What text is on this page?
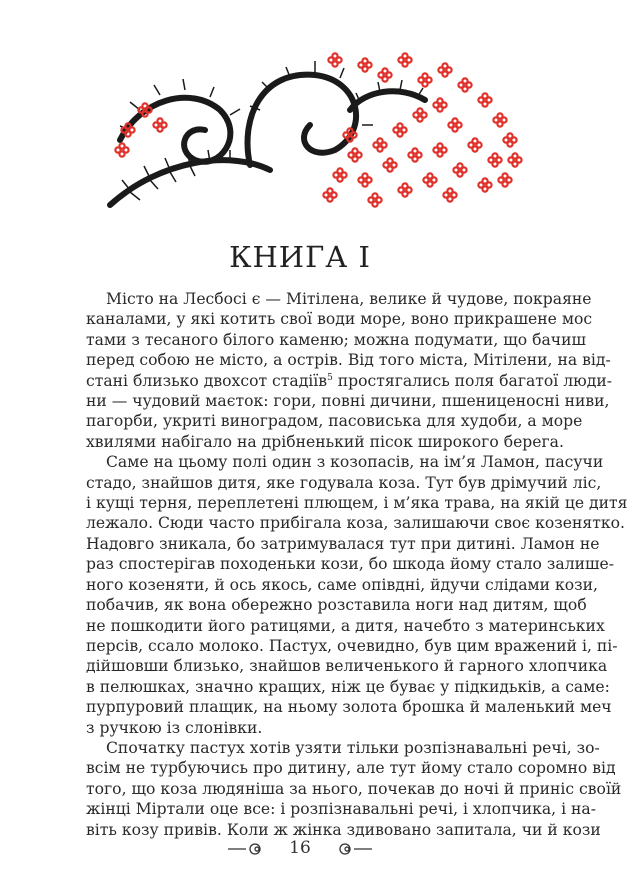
КНИГА I
Місто на Лесбосі є — Мітілена, велике й чудове, покраяне
каналами, у які котить свої води море, воно прикрашене мос
тами з тесаного білого каменю; можна подумати, що бачиш
перед собою не місто, а острів. Від того міста, Мітілени, на від-
стані близько двохсот стадіїв$^5$ простягались поля багатої люди-
ни — чудовий маєток: гори, повні дичини, пшениценосні ниви,
пагорби, укриті виноградом, пасовиська для худоби, а море
хвилями набігало на дрібненький пісок широкого берега.
Саме на цьому полі один з козопасів, на ім’я Ламон, пасучи
стадо, знайшов дитя, яке годувала коза. Тут був дрімучий ліс,
і кущі терня, переплетені плющем, і м’яка трава, на якій це дитя
лежало. Сюди часто прибігала коза, залишаючи своє козенятко.
Надовго зникала, бо затримувалася тут при дитині. Ламон не
раз спостерігав походеньки кози, бо шкода йому стало залише-
ного козеняти, й ось якось, саме опівдні, йдучи слідами кози,
побачив, як вона обережно розставила ноги над дитям, щоб
не пошкодити його ратицями, а дитя, начебто з материнських
персів, ссало молоко. Пастух, очевидно, був цим вражений і, пі-
дійшовши близько, знайшов величенького й гарного хлопчика
в пелюшках, значно кращих, ніж це буває у підкидьків, а саме:
пурпуровий плащик, на ньому золота брошка й маленький меч
з ручкою із слонівки.
Спочатку пастух хотів узяти тільки розпізнавальні речі, зо-
всім не турбуючись про дитину, але тут йому стало соромно від
того, що коза людяніша за нього, почекав до ночі й приніс своїй
жінці Міртали оце все: і розпізнавальні речі, і хлопчика, і на-
віть козу привів. Коли ж жінка здивовано запитала, чи й кози
16
